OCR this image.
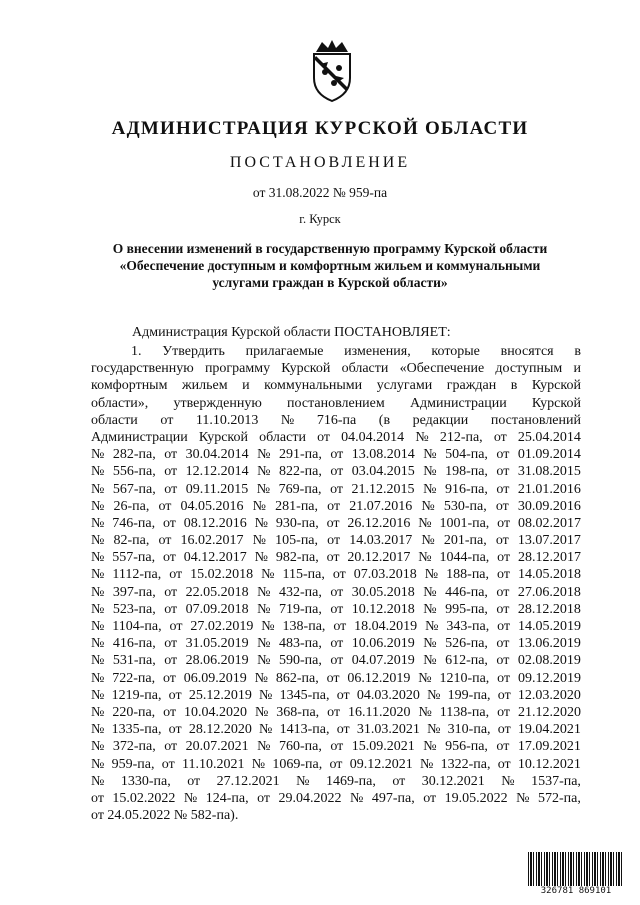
АДМИНИСТРАЦИЯ КУРСКОЙ ОБЛАСТИ
ПОСТАНОВЛЕНИЕ
от 31.08.2022 № 959-па
г. Курск
О внесении изменений в государственную программу Курской области
«Обеспечение доступным и комфортным жильем и коммунальными
услугами граждан в Курской области»
Администрация Курской области ПОСТАНОВЛЯЕТ:
1. Утвердить прилагаемые изменения, которые вносятся в
государственную программу Курской области «Обеспечение доступным и
комфортным жильем и коммунальными услугами граждан в Курской
области», утвержденную постановлением Администрации Курской
области от 11.10.2013 № 716-па (в редакции постановлений
Администрации Курской области от 04.04.2014 № 212-па, от 25.04.2014
№ 282-па, от 30.04.2014 № 291-па, от 13.08.2014 № 504-па, от 01.09.2014
№ 556-па, от 12.12.2014 № 822-па, от 03.04.2015 № 198-па, от 31.08.2015
№ 567-па, от 09.11.2015 № 769-па, от 21.12.2015 № 916-па, от 21.01.2016
№ 26-па, от 04.05.2016 № 281-па, от 21.07.2016 № 530-па, от 30.09.2016
№ 746-па, от 08.12.2016 № 930-па, от 26.12.2016 № 1001-па, от 08.02.2017
№ 82-па, от 16.02.2017 № 105-па, от 14.03.2017 № 201-па, от 13.07.2017
№ 557-па, от 04.12.2017 № 982-па, от 20.12.2017 № 1044-па, от 28.12.2017
№ 1112-па, от 15.02.2018 № 115-па, от 07.03.2018 № 188-па, от 14.05.2018
№ 397-па, от 22.05.2018 № 432-па, от 30.05.2018 № 446-па, от 27.06.2018
№ 523-па, от 07.09.2018 № 719-па, от 10.12.2018 № 995-па, от 28.12.2018
№ 1104-па, от 27.02.2019 № 138-па, от 18.04.2019 № 343-па, от 14.05.2019
№ 416-па, от 31.05.2019 № 483-па, от 10.06.2019 № 526-па, от 13.06.2019
№ 531-па, от 28.06.2019 № 590-па, от 04.07.2019 № 612-па, от 02.08.2019
№ 722-па, от 06.09.2019 № 862-па, от 06.12.2019 № 1210-па, от 09.12.2019
№ 1219-па, от 25.12.2019 № 1345-па, от 04.03.2020 № 199-па, от 12.03.2020
№ 220-па, от 10.04.2020 № 368-па, от 16.11.2020 № 1138-па, от 21.12.2020
№ 1335-па, от 28.12.2020 № 1413-па, от 31.03.2021 № 310-па, от 19.04.2021
№ 372-па, от 20.07.2021 № 760-па, от 15.09.2021 № 956-па, от 17.09.2021
№ 959-па, от 11.10.2021 № 1069-па, от 09.12.2021 № 1322-па, от 10.12.2021
№ 1330-па, от 27.12.2021 № 1469-па, от 30.12.2021 № 1537-па,
от 15.02.2022 № 124-па, от 29.04.2022 № 497-па, от 19.05.2022 № 572-па,
от 24.05.2022 № 582-па).
326781 869101
